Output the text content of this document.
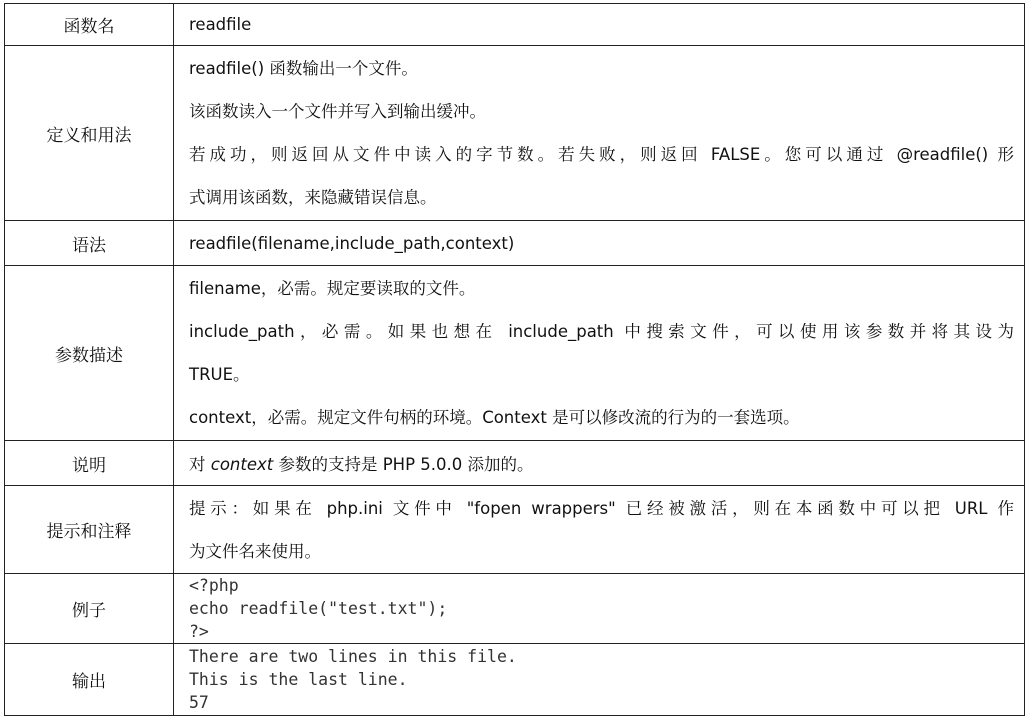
函数名	readfile

定义和用法	readfile() 函数输出一个文件。

该函数读入一个文件并写入到输出缓冲。

若成功，则返回从文件中读入的字节数。若失败，则返回 FALSE。您可以通过 @readfile() 形

式调用该函数，来隐藏错误信息。

语法	readfile(filename,include_path,context)

参数描述	filename，必需。规定要读取的文件。

include_path，必需。如果也想在 include_path 中搜索文件，可以使用该参数并将其设为

TRUE。

context，必需。规定文件句柄的环境。Context 是可以修改流的行为的一套选项。

说明	对 context 参数的支持是 PHP 5.0.0 添加的。

提示和注释	提示：如果在 php.ini 文件中 "fopen wrappers" 已经被激活，则在本函数中可以把 URL 作

为文件名来使用。

例子	<?php

echo readfile("test.txt");

?>

输出	There are two lines in this file.

This is the last line.

57
